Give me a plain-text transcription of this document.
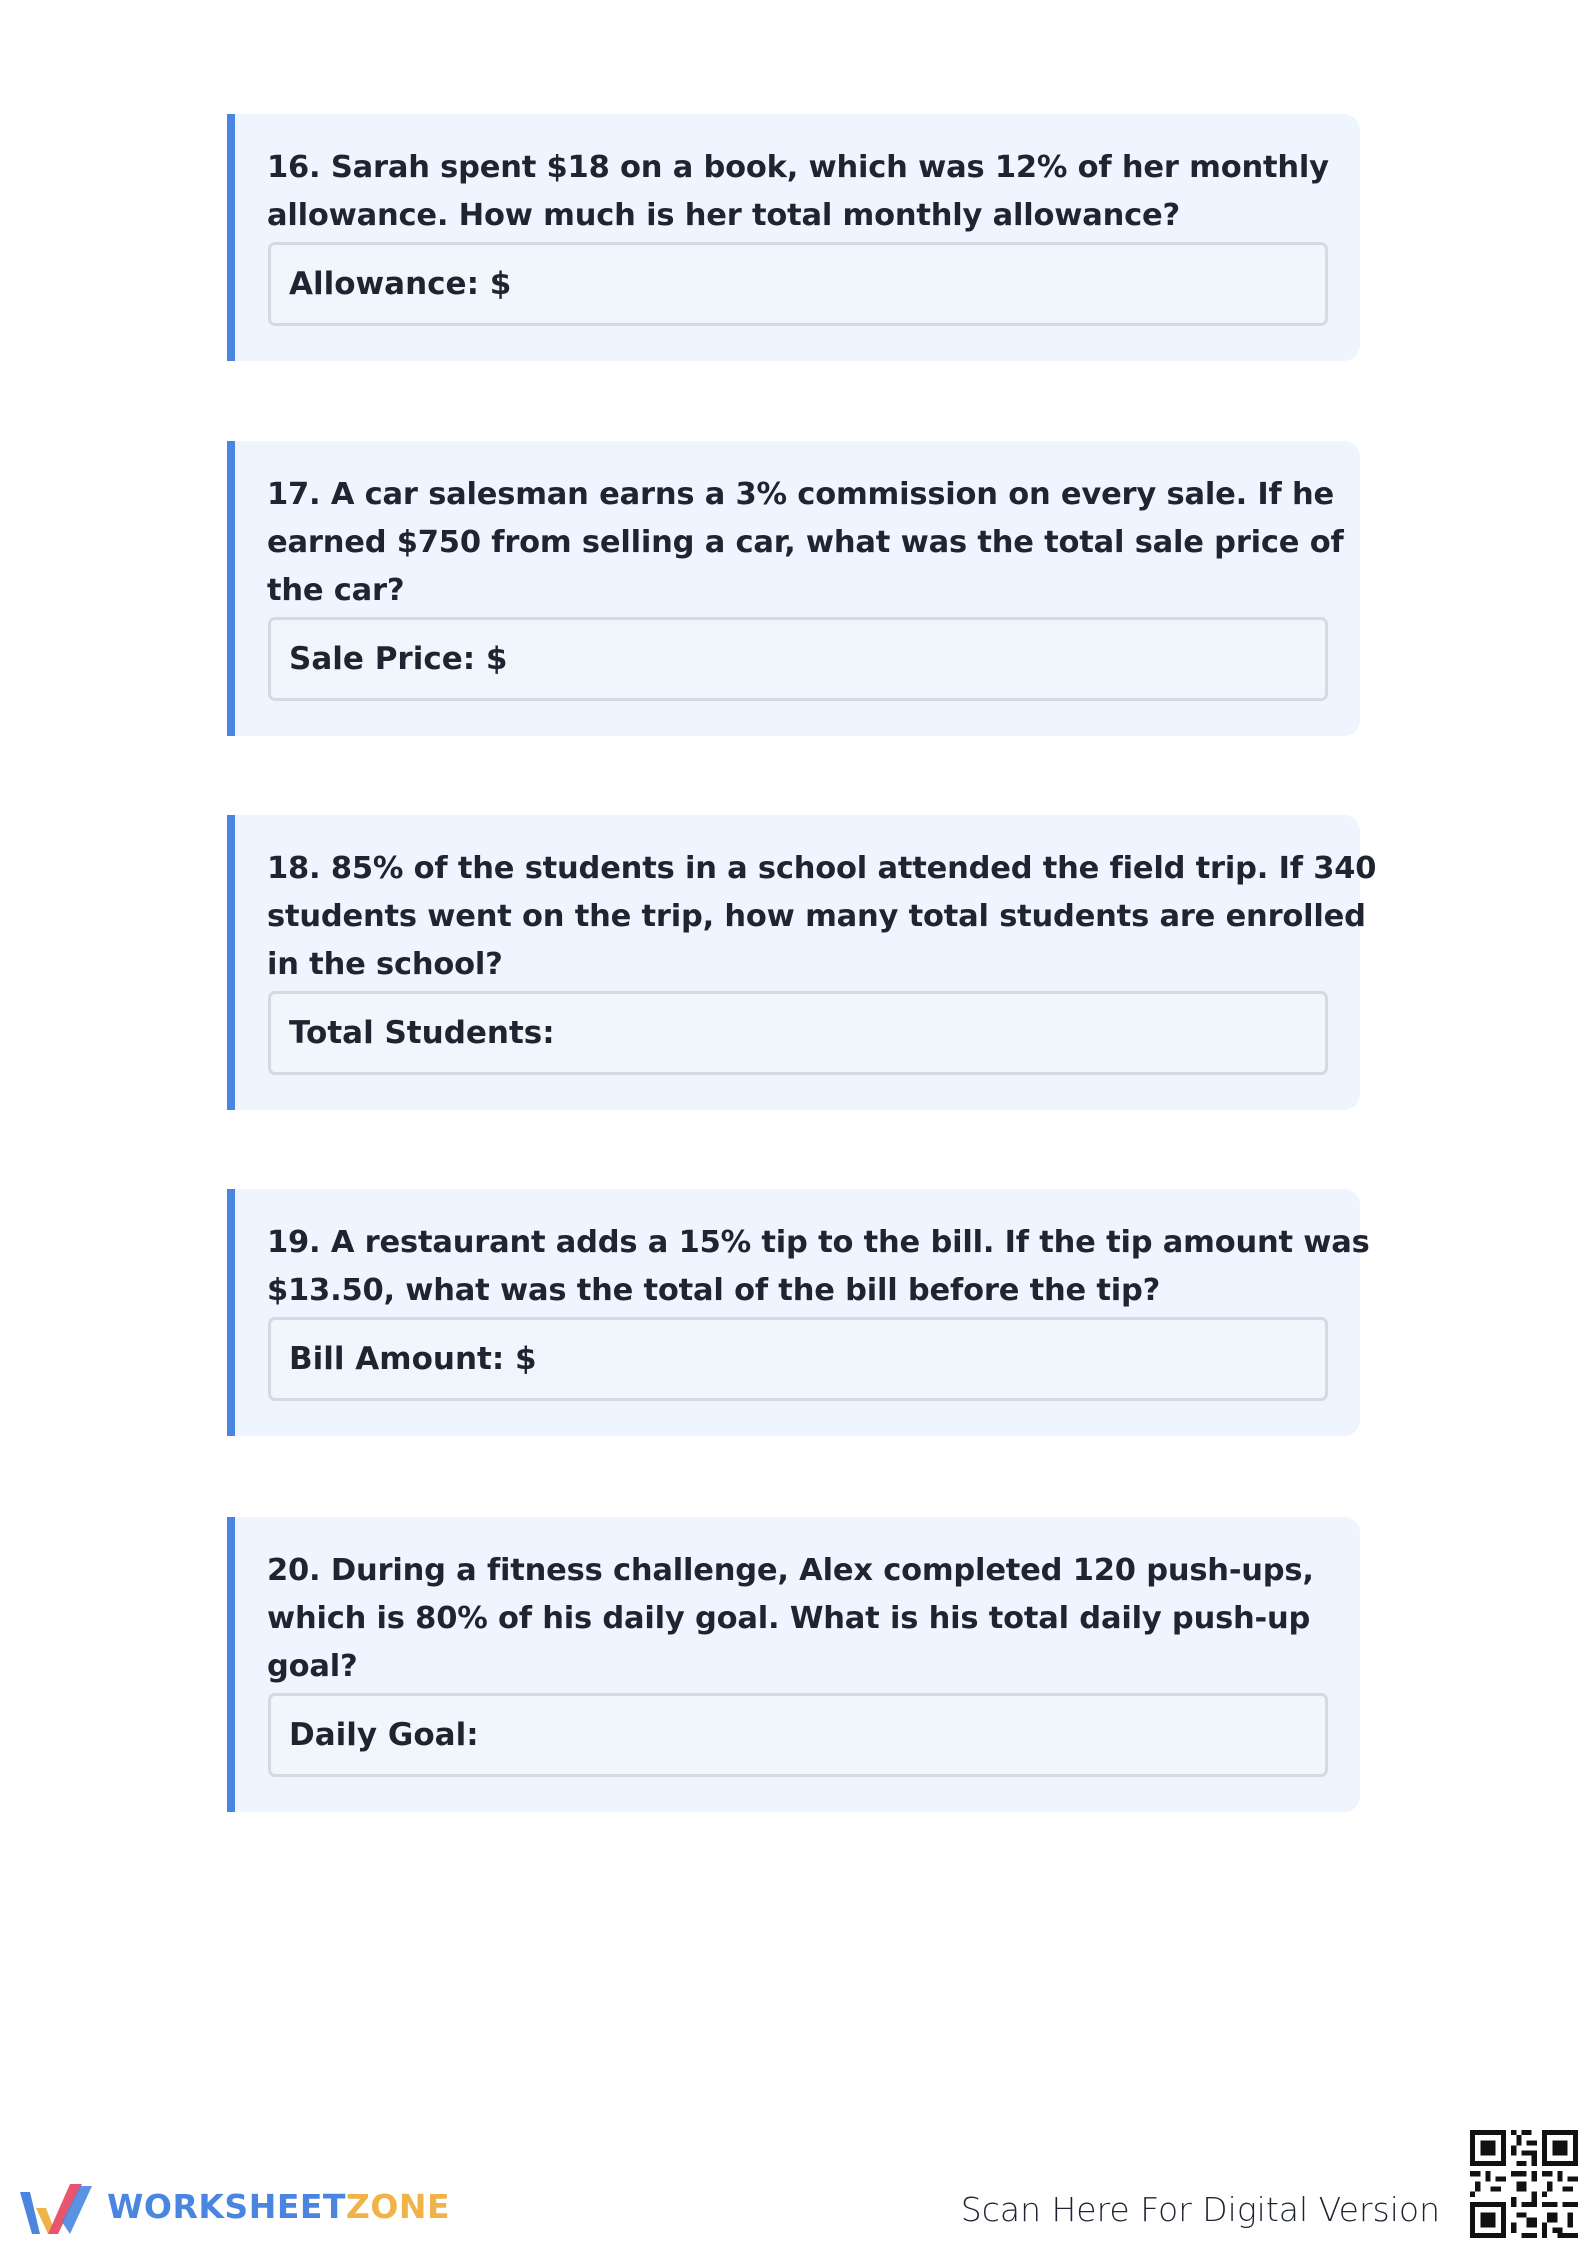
16. Sarah spent $18 on a book, which was 12% of her monthly

allowance. How much is her total monthly allowance?

Allowance: $

17. A car salesman earns a 3% commission on every sale. If he

earned $750 from selling a car, what was the total sale price of

the car?

Sale Price: $

18. 85% of the students in a school attended the field trip. If 340

students went on the trip, how many total students are enrolled

in the school?

Total Students:

19. A restaurant adds a 15% tip to the bill. If the tip amount was

$13.50, what was the total of the bill before the tip?

Bill Amount: $

20. During a fitness challenge, Alex completed 120 push-ups,

which is 80% of his daily goal. What is his total daily push-up

goal?

Daily Goal:
WORKSHEETZONE	Scan Here For Digital Version
